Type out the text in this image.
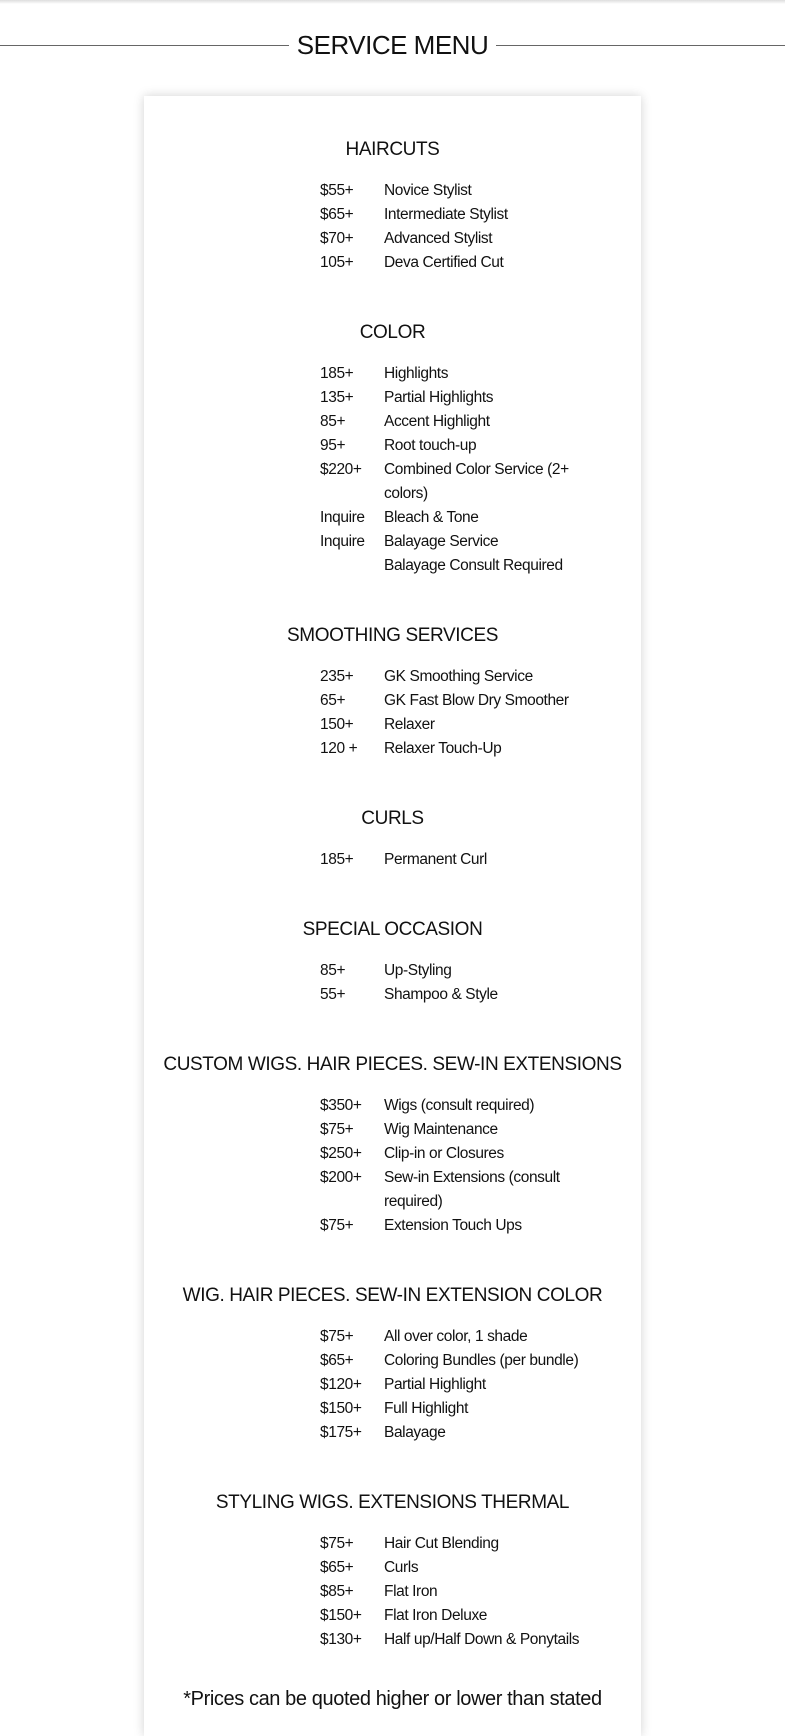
SERVICE MENU
HAIRCUTS
$55+	Novice Stylist
$65+	Intermediate Stylist
$70+	Advanced Stylist
105+	Deva Certified Cut
COLOR
185+	Highlights
135+	Partial Highlights
85+	Accent Highlight
95+	Root touch-up
$220+	Combined Color Service (2+ colors)
Inquire	Bleach & Tone
Inquire	Balayage Service
Balayage Consult Required
SMOOTHING SERVICES
235+	GK Smoothing Service
65+	GK Fast Blow Dry Smoother
150+	Relaxer
120 +	Relaxer Touch-Up
CURLS
185+	Permanent Curl
SPECIAL OCCASION
85+	Up-Styling
55+	Shampoo & Style
CUSTOM WIGS. HAIR PIECES. SEW-IN EXTENSIONS
$350+	Wigs (consult required)
$75+	Wig Maintenance
$250+	Clip-in or Closures
$200+	Sew-in Extensions (consult required)
$75+	Extension Touch Ups
WIG. HAIR PIECES. SEW-IN EXTENSION COLOR
$75+	All over color, 1 shade
$65+	Coloring Bundles (per bundle)
$120+	Partial Highlight
$150+	Full Highlight
$175+	Balayage
STYLING WIGS. EXTENSIONS THERMAL
$75+	Hair Cut Blending
$65+	Curls
$85+	Flat Iron
$150+	Flat Iron Deluxe
$130+	Half up/Half Down & Ponytails
*Prices can be quoted higher or lower than stated
